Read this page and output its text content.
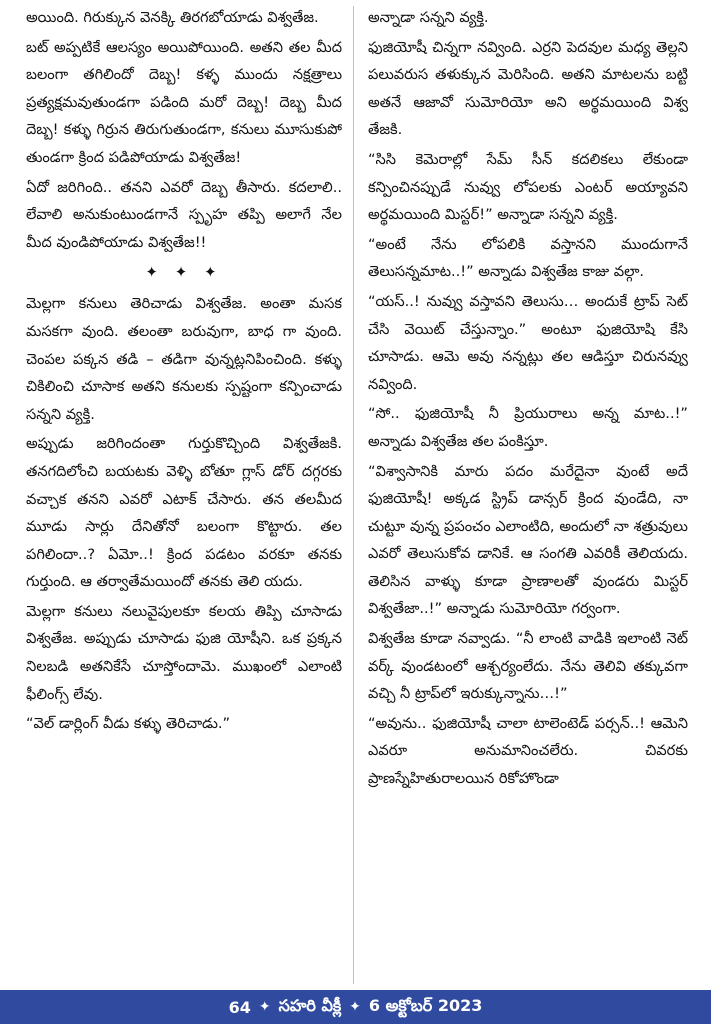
అయింది. గిరుక్కున వెనక్కి తిరగబోయాడు విశ్వతేజ.

బట్ అప్పటికే ఆలస్యం అయిపోయింది. అతని తల మీద బలంగా తగిలిందో దెబ్బ! కళ్ళ ముందు నక్షత్రాలు ప్రత్యక్షమవుతుండగా పడింది మరో దెబ్బ! దెబ్బ మీద దెబ్బ! కళ్ళు గిర్రున తిరుగుతుండగా, కనులు మూసుకుపో తుండగా క్రింద పడిపోయాడు విశ్వతేజ!

ఏదో జరిగింది.. తనని ఎవరో దెబ్బ తీసారు. కదలాలి.. లేవాలి అనుకుంటుండగానే స్పృహ తప్పి అలాగే నేల మీద వుండిపోయాడు విశ్వతేజ!!

✦ ✦ ✦

మెల్లగా కనులు తెరిచాడు విశ్వతేజ. అంతా మసక మసకగా వుంది. తలంతా బరువుగా, బాధ గా వుంది. చెంపల పక్కన తడి – తడిగా వున్నట్లనిపించింది. కళ్ళు చికిలించి చూసాక అతని కనులకు స్పష్టంగా కన్పించాడు సన్నని వ్యక్తి.

అప్పుడు జరిగిందంతా గుర్తుకొచ్చింది విశ్వతేజకి. తనగదిలోంచి బయటకు వెళ్ళి బోతూ గ్లాస్ డోర్ దగ్గరకు వచ్చాక తనని ఎవరో ఎటాక్ చేసారు. తన తలమీద మూడు సార్లు దేనితోనో బలంగా కొట్టారు. తల పగిలిందా..? ఏమో..! క్రింద పడటం వరకూ తనకు గుర్తుంది. ఆ తర్వాతేమయిందో తనకు తెలి యదు.

మెల్లగా కనులు నలువైపులకూ కలయ తిప్పి చూసాడు విశ్వతేజ. అప్పుడు చూసాడు ఫుజి యోషీని. ఒక ప్రక్కన నిలబడి అతనికేసే చూస్తోందామె. ముఖంలో ఎలాంటి ఫీలింగ్స్ లేవు.

“వెల్ డార్లింగ్ వీడు కళ్ళు తెరిచాడు.”

అన్నాడా సన్నని వ్యక్తి.

ఫుజియోషీ చిన్నగా నవ్వింది. ఎర్రని పెదవుల మధ్య తెల్లని పలువరుస తళుక్కున మెరిసింది. అతని మాటలను బట్టి అతనే ఆజావో సుమోరియో అని అర్థమయింది విశ్వ తేజకి.

“సిసి కెమెరాల్లో సేమ్ సీన్ కదలికలు లేకుండా కన్పించినప్పుడే నువ్వు లోపలకు ఎంటర్ అయ్యావని అర్థమయింది మిస్టర్!” అన్నాడా సన్నని వ్యక్తి.

“అంటే నేను లోపలికి వస్తానని ముందుగానే తెలుసన్నమాట..!” అన్నాడు విశ్వతేజ కాజు వల్గా.

“యస్..! నువ్వు వస్తావని తెలుసు… అందుకే ట్రాప్ సెట్ చేసి వెయిట్ చేస్తున్నాం.” అంటూ ఫుజియోషి కేసి చూసాడు. ఆమె అవు నన్నట్లు తల ఆడిస్తూ చిరునవ్వు నవ్వింది.

“సో.. ఫుజియోషీ నీ ప్రియురాలు అన్న మాట..!” అన్నాడు విశ్వతేజ తల పంకిస్తూ.

“విశ్వాసానికి మారు పదం మరేదైనా వుంటే అదే ఫుజియోషీ! అక్కడ స్ట్రిప్ డాన్సర్ క్రింద వుండేది, నా చుట్టూ వున్న ప్రపంచం ఎలాంటిది, అందులో నా శత్రువులు ఎవరో తెలుసుకోవ డానికే. ఆ సంగతి ఎవరికీ తెలియదు. తెలిసిన వాళ్ళు కూడా ప్రాణాలతో వుండరు మిస్టర్ విశ్వతేజా..!” అన్నాడు సుమోరియో గర్వంగా.

విశ్వతేజ కూడా నవ్వాడు. “నీ లాంటి వాడికి ఇలాంటి నెట్ వర్క్ వుండటంలో ఆశ్చర్యంలేదు. నేను తెలివి తక్కువగా వచ్చి నీ ట్రాప్‌లో ఇరుక్కున్నాను…!”

“అవును.. ఫుజియోషీ చాలా టాలెంటెడ్ పర్సన్..! ఆమెని ఎవరూ అనుమానించలేరు. చివరకు ప్రాణస్నేహితురాలయిన రికోహొండా

64 ✦ సహరి వీక్లీ ✦ 6 అక్టోబర్ 2023
